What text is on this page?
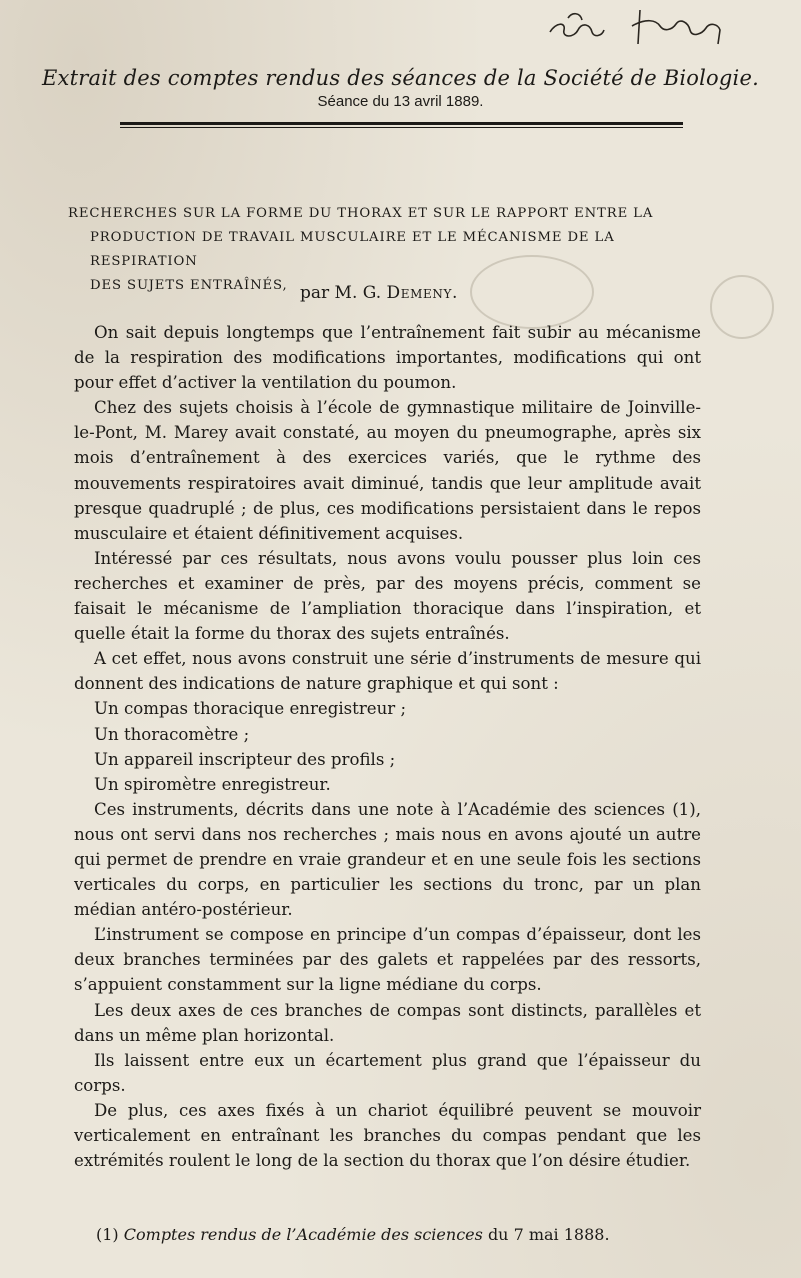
Extrait des comptes rendus des séances de la Société de Biologie.
Séance du 13 avril 1889.
RECHERCHES SUR LA FORME DU THORAX ET SUR LE RAPPORT ENTRE LA
PRODUCTION DE TRAVAIL MUSCULAIRE ET LE MÉCANISME DE LA RESPIRATION
DES SUJETS ENTRAÎNÉS, par M. G. Demeny.

On sait depuis longtemps que l’entraînement fait subir au mécanisme de la respiration des modifications importantes, modifications qui ont pour effet d’activer la ventilation du poumon.

Chez des sujets choisis à l’école de gymnastique militaire de Joinville-le-Pont, M. Marey avait constaté, au moyen du pneumographe, après six mois d’entraînement à des exercices variés, que le rythme des mouvements respiratoires avait diminué, tandis que leur amplitude avait presque quadruplé ; de plus, ces modifications persistaient dans le repos musculaire et étaient définitivement acquises.

Intéressé par ces résultats, nous avons voulu pousser plus loin ces recherches et examiner de près, par des moyens précis, comment se faisait le mécanisme de l’ampliation thoracique dans l’inspiration, et quelle était la forme du thorax des sujets entraînés.

A cet effet, nous avons construit une série d’instruments de mesure qui donnent des indications de nature graphique et qui sont :

Un compas thoracique enregistreur ;

Un thoracomètre ;

Un appareil inscripteur des profils ;

Un spiromètre enregistreur.

Ces instruments, décrits dans une note à l’Académie des sciences (1), nous ont servi dans nos recherches ; mais nous en avons ajouté un autre qui permet de prendre en vraie grandeur et en une seule fois les sections verticales du corps, en particulier les sections du tronc, par un plan médian antéro-postérieur.

L’instrument se compose en principe d’un compas d’épaisseur, dont les deux branches terminées par des galets et rappelées par des ressorts, s’appuient constamment sur la ligne médiane du corps.

Les deux axes de ces branches de compas sont distincts, parallèles et dans un même plan horizontal.

Ils laissent entre eux un écartement plus grand que l’épaisseur du corps.

De plus, ces axes fixés à un chariot équilibré peuvent se mouvoir verticalement en entraînant les branches du compas pendant que les extrémités roulent le long de la section du thorax que l’on désire étudier.

(1) Comptes rendus de l’Académie des sciences du 7 mai 1888.
